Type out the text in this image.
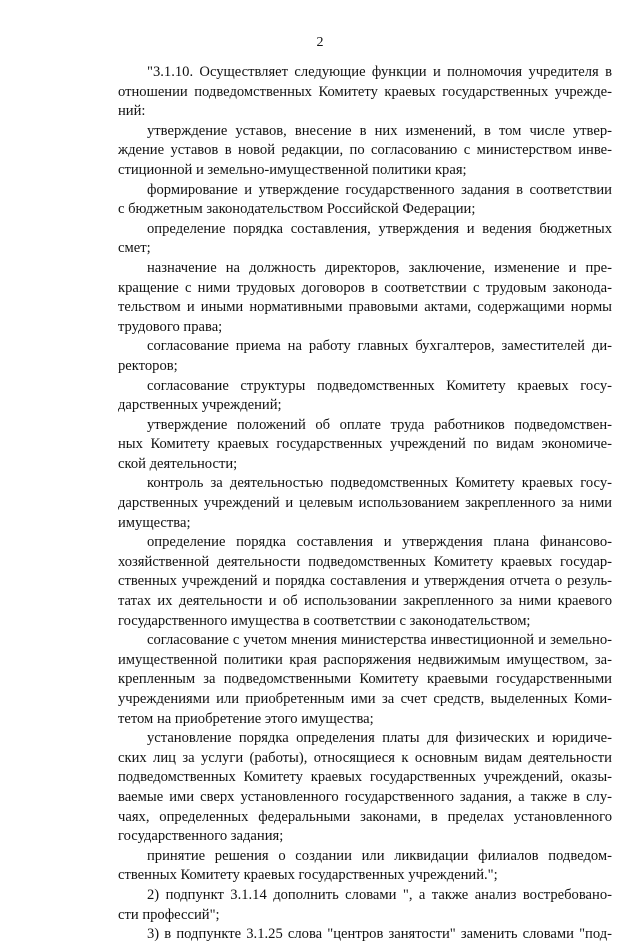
2
"3.1.10. Осуществляет следующие функции и полномочия учредителя в
отношении подведомственных Комитету краевых государственных учрежде-
ний:
утверждение уставов, внесение в них изменений, в том числе утвер-
ждение уставов в новой редакции, по согласованию с министерством инве-
стиционной и земельно-имущественной политики края;
формирование и утверждение государственного задания в соответствии
с бюджетным законодательством Российской Федерации;
определение порядка составления, утверждения и ведения бюджетных
смет;
назначение на должность директоров, заключение, изменение и пре-
кращение с ними трудовых договоров в соответствии с трудовым законода-
тельством и иными нормативными правовыми актами, содержащими нормы
трудового права;
согласование приема на работу главных бухгалтеров, заместителей ди-
ректоров;
согласование структуры подведомственных Комитету краевых госу-
дарственных учреждений;
утверждение положений об оплате труда работников подведомствен-
ных Комитету краевых государственных учреждений по видам экономиче-
ской деятельности;
контроль за деятельностью подведомственных Комитету краевых госу-
дарственных учреждений и целевым использованием закрепленного за ними
имущества;
определение порядка составления и утверждения плана финансово-
хозяйственной деятельности подведомственных Комитету краевых государ-
ственных учреждений и порядка составления и утверждения отчета о резуль-
татах их деятельности и об использовании закрепленного за ними краевого
государственного имущества в соответствии с законодательством;
согласование с учетом мнения министерства инвестиционной и земельно-
имущественной политики края распоряжения недвижимым имуществом, за-
крепленным за подведомственными Комитету краевыми государственными
учреждениями или приобретенным ими за счет средств, выделенных Коми-
тетом на приобретение этого имущества;
установление порядка определения платы для физических и юридиче-
ских лиц за услуги (работы), относящиеся к основным видам деятельности
подведомственных Комитету краевых государственных учреждений, оказы-
ваемые ими сверх установленного государственного задания, а также в слу-
чаях, определенных федеральными законами, в пределах установленного
государственного задания;
принятие решения о создании или ликвидации филиалов подведом-
ственных Комитету краевых государственных учреждений.";
2) подпункт 3.1.14 дополнить словами ", а также анализ востребовано-
сти профессий";
3) в подпункте 3.1.25 слова "центров занятости" заменить словами "под-
